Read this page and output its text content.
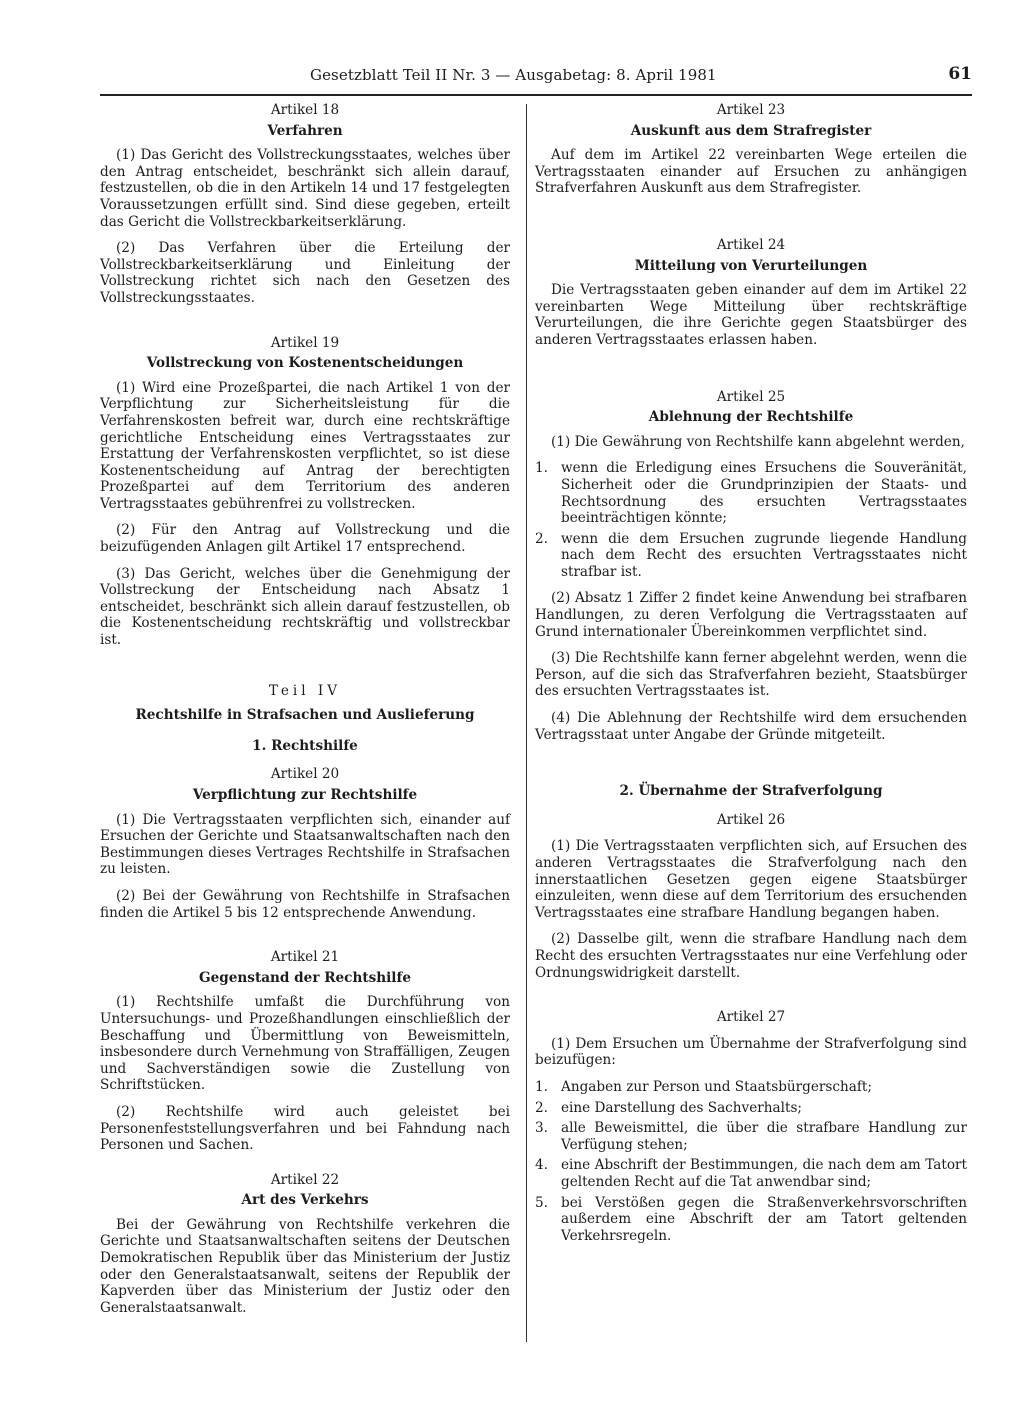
Gesetzblatt Teil II Nr. 3 — Ausgabetag: 8. April 1981	61
Artikel 18
Verfahren

(1) Das Gericht des Vollstreckungsstaates, welches über den Antrag entscheidet, beschränkt sich allein darauf, festzustellen, ob die in den Artikeln 14 und 17 festgelegten Voraussetzungen erfüllt sind. Sind diese gegeben, erteilt das Gericht die Vollstreckbarkeitserklärung.

(2) Das Verfahren über die Erteilung der Vollstreckbarkeitserklärung und Einleitung der Vollstreckung richtet sich nach den Gesetzen des Vollstreckungsstaates.

Artikel 19
Vollstreckung von Kostenentscheidungen

(1) Wird eine Prozeßpartei, die nach Artikel 1 von der Verpflichtung zur Sicherheitsleistung für die Verfahrenskosten befreit war, durch eine rechtskräftige gerichtliche Entscheidung eines Vertragsstaates zur Erstattung der Verfahrenskosten verpflichtet, so ist diese Kostenentscheidung auf Antrag der berechtigten Prozeßpartei auf dem Territorium des anderen Vertragsstaates gebührenfrei zu vollstrecken.

(2) Für den Antrag auf Vollstreckung und die beizufügenden Anlagen gilt Artikel 17 entsprechend.

(3) Das Gericht, welches über die Genehmigung der Vollstreckung der Entscheidung nach Absatz 1 entscheidet, beschränkt sich allein darauf festzustellen, ob die Kostenentscheidung rechtskräftig und vollstreckbar ist.

Teil IV
Rechtshilfe in Strafsachen und Auslieferung
1. Rechtshilfe
Artikel 20
Verpflichtung zur Rechtshilfe

(1) Die Vertragsstaaten verpflichten sich, einander auf Ersuchen der Gerichte und Staatsanwaltschaften nach den Bestimmungen dieses Vertrages Rechtshilfe in Strafsachen zu leisten.

(2) Bei der Gewährung von Rechtshilfe in Strafsachen finden die Artikel 5 bis 12 entsprechende Anwendung.

Artikel 21
Gegenstand der Rechtshilfe

(1) Rechtshilfe umfaßt die Durchführung von Untersuchungs- und Prozeßhandlungen einschließlich der Beschaffung und Übermittlung von Beweismitteln, insbesondere durch Vernehmung von Straffälligen, Zeugen und Sachverständigen sowie die Zustellung von Schriftstücken.

(2) Rechtshilfe wird auch geleistet bei Personenfeststellungsverfahren und bei Fahndung nach Personen und Sachen.

Artikel 22
Art des Verkehrs

Bei der Gewährung von Rechtshilfe verkehren die Gerichte und Staatsanwaltschaften seitens der Deutschen Demokratischen Republik über das Ministerium der Justiz oder den Generalstaatsanwalt, seitens der Republik der Kapverden über das Ministerium der Justiz oder den Generalstaatsanwalt.

Artikel 23
Auskunft aus dem Strafregister

Auf dem im Artikel 22 vereinbarten Wege erteilen die Vertragsstaaten einander auf Ersuchen zu anhängigen Strafverfahren Auskunft aus dem Strafregister.

Artikel 24
Mitteilung von Verurteilungen

Die Vertragsstaaten geben einander auf dem im Artikel 22 vereinbarten Wege Mitteilung über rechtskräftige Verurteilungen, die ihre Gerichte gegen Staatsbürger des anderen Vertragsstaates erlassen haben.

Artikel 25
Ablehnung der Rechtshilfe

(1) Die Gewährung von Rechtshilfe kann abgelehnt werden,

1. wenn die Erledigung eines Ersuchens die Souveränität, Sicherheit oder die Grundprinzipien der Staats- und Rechtsordnung des ersuchten Vertragsstaates beeinträchtigen könnte;
2. wenn die dem Ersuchen zugrunde liegende Handlung nach dem Recht des ersuchten Vertragsstaates nicht strafbar ist.

(2) Absatz 1 Ziffer 2 findet keine Anwendung bei strafbaren Handlungen, zu deren Verfolgung die Vertragsstaaten auf Grund internationaler Übereinkommen verpflichtet sind.

(3) Die Rechtshilfe kann ferner abgelehnt werden, wenn die Person, auf die sich das Strafverfahren bezieht, Staatsbürger des ersuchten Vertragsstaates ist.

(4) Die Ablehnung der Rechtshilfe wird dem ersuchenden Vertragsstaat unter Angabe der Gründe mitgeteilt.

2. Übernahme der Strafverfolgung
Artikel 26

(1) Die Vertragsstaaten verpflichten sich, auf Ersuchen des anderen Vertragsstaates die Strafverfolgung nach den innerstaatlichen Gesetzen gegen eigene Staatsbürger einzuleiten, wenn diese auf dem Territorium des ersuchenden Vertragsstaates eine strafbare Handlung begangen haben.

(2) Dasselbe gilt, wenn die strafbare Handlung nach dem Recht des ersuchten Vertragsstaates nur eine Verfehlung oder Ordnungswidrigkeit darstellt.

Artikel 27

(1) Dem Ersuchen um Übernahme der Strafverfolgung sind beizufügen:

1. Angaben zur Person und Staatsbürgerschaft;
2. eine Darstellung des Sachverhalts;
3. alle Beweismittel, die über die strafbare Handlung zur Verfügung stehen;
4. eine Abschrift der Bestimmungen, die nach dem am Tatort geltenden Recht auf die Tat anwendbar sind;
5. bei Verstößen gegen die Straßenverkehrsvorschriften außerdem eine Abschrift der am Tatort geltenden Verkehrsregeln.
